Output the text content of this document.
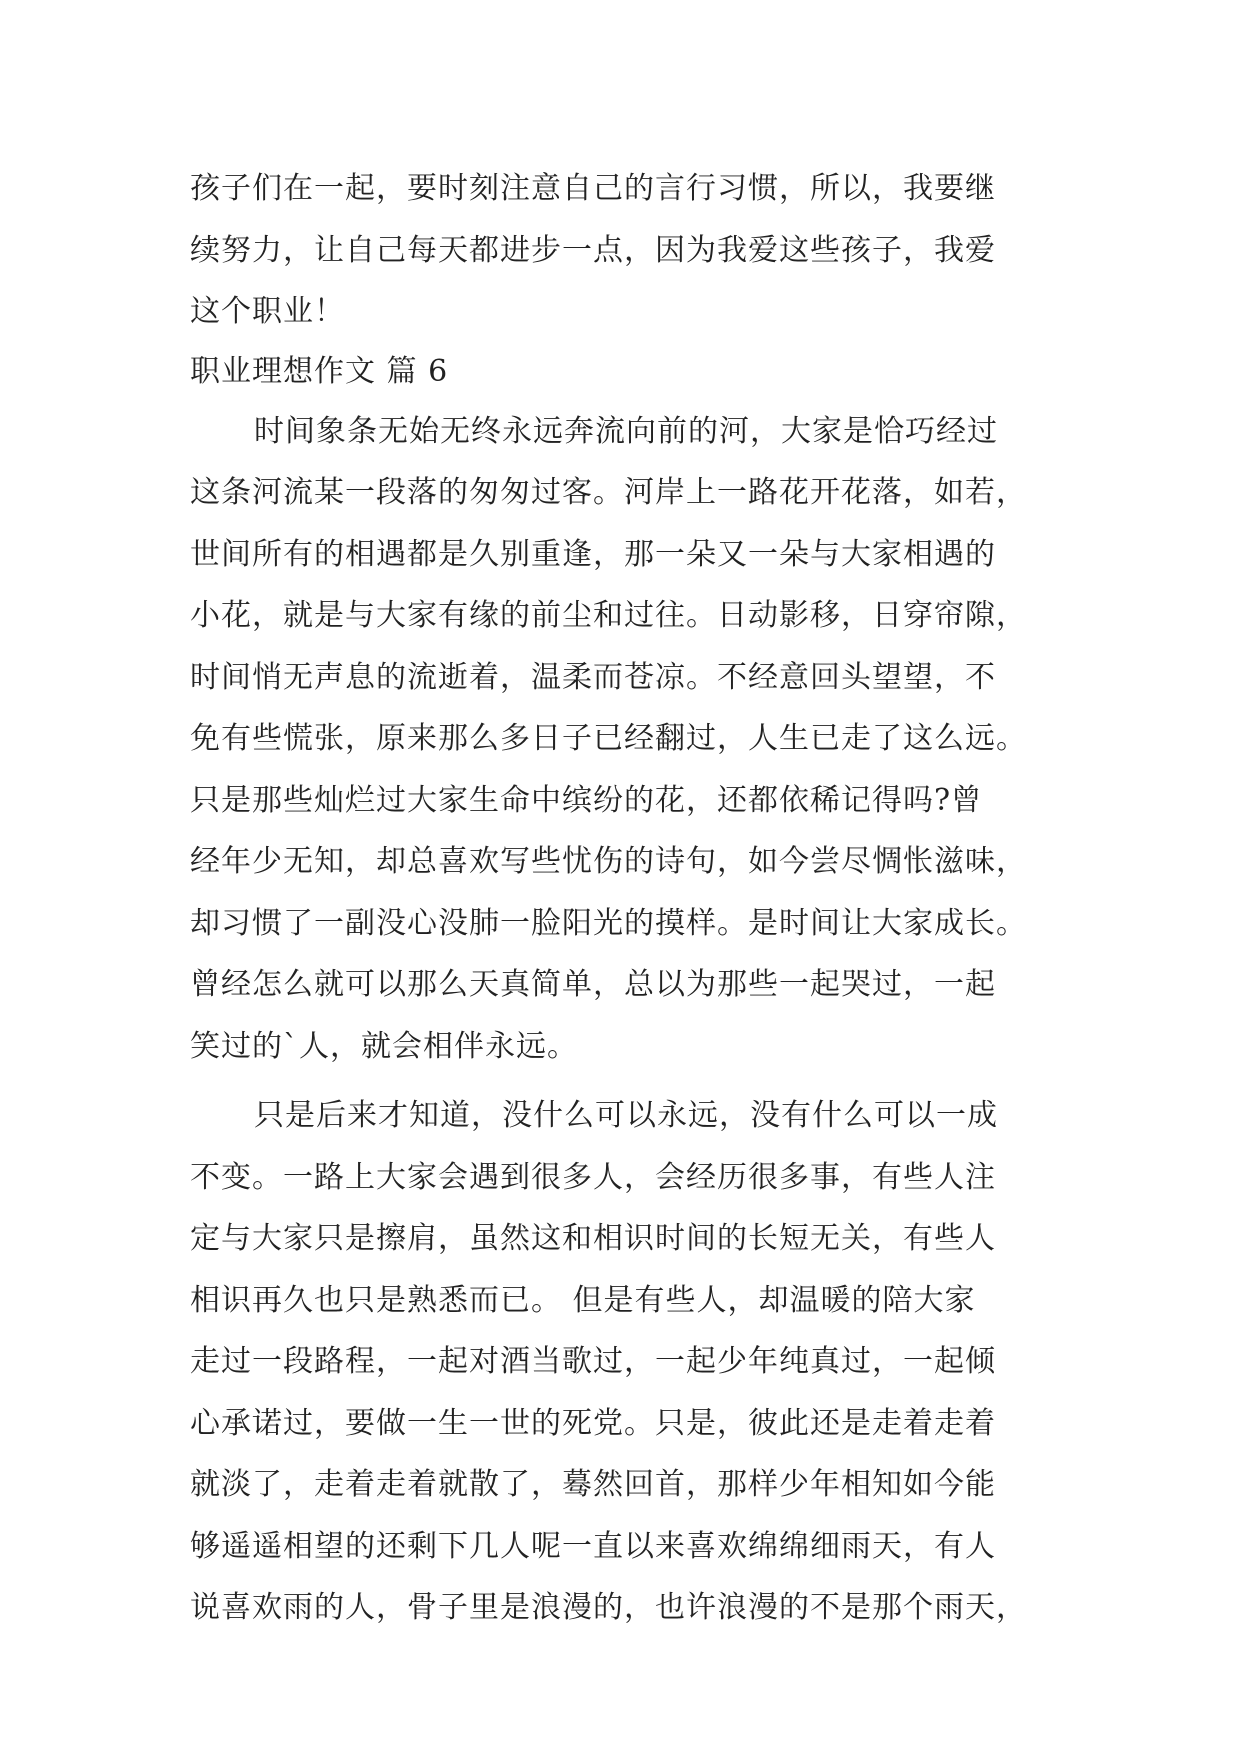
孩子们在一起，要时刻注意自己的言行习惯，所以，我要继
续努力，让自己每天都进步一点，因为我爱这些孩子，我爱
这个职业！
职业理想作文 篇 6
时间象条无始无终永远奔流向前的河，大家是恰巧经过
这条河流某一段落的匆匆过客。河岸上一路花开花落，如若，
世间所有的相遇都是久别重逢，那一朵又一朵与大家相遇的
小花，就是与大家有缘的前尘和过往。日动影移，日穿帘隙，
时间悄无声息的流逝着，温柔而苍凉。不经意回头望望，不
免有些慌张，原来那么多日子已经翻过，人生已走了这么远。
只是那些灿烂过大家生命中缤纷的花，还都依稀记得吗?曾
经年少无知，却总喜欢写些忧伤的诗句，如今尝尽惆怅滋味，
却习惯了一副没心没肺一脸阳光的摸样。是时间让大家成长。
曾经怎么就可以那么天真简单，总以为那些一起哭过，一起
笑过的`人，就会相伴永远。
只是后来才知道，没什么可以永远，没有什么可以一成
不变。一路上大家会遇到很多人，会经历很多事，有些人注
定与大家只是擦肩，虽然这和相识时间的长短无关，有些人
相识再久也只是熟悉而已。 但是有些人，却温暖的陪大家
走过一段路程，一起对酒当歌过，一起少年纯真过，一起倾
心承诺过，要做一生一世的死党。只是，彼此还是走着走着
就淡了，走着走着就散了，蓦然回首，那样少年相知如今能
够遥遥相望的还剩下几人呢一直以来喜欢绵绵细雨天，有人
说喜欢雨的人，骨子里是浪漫的，也许浪漫的不是那个雨天，
